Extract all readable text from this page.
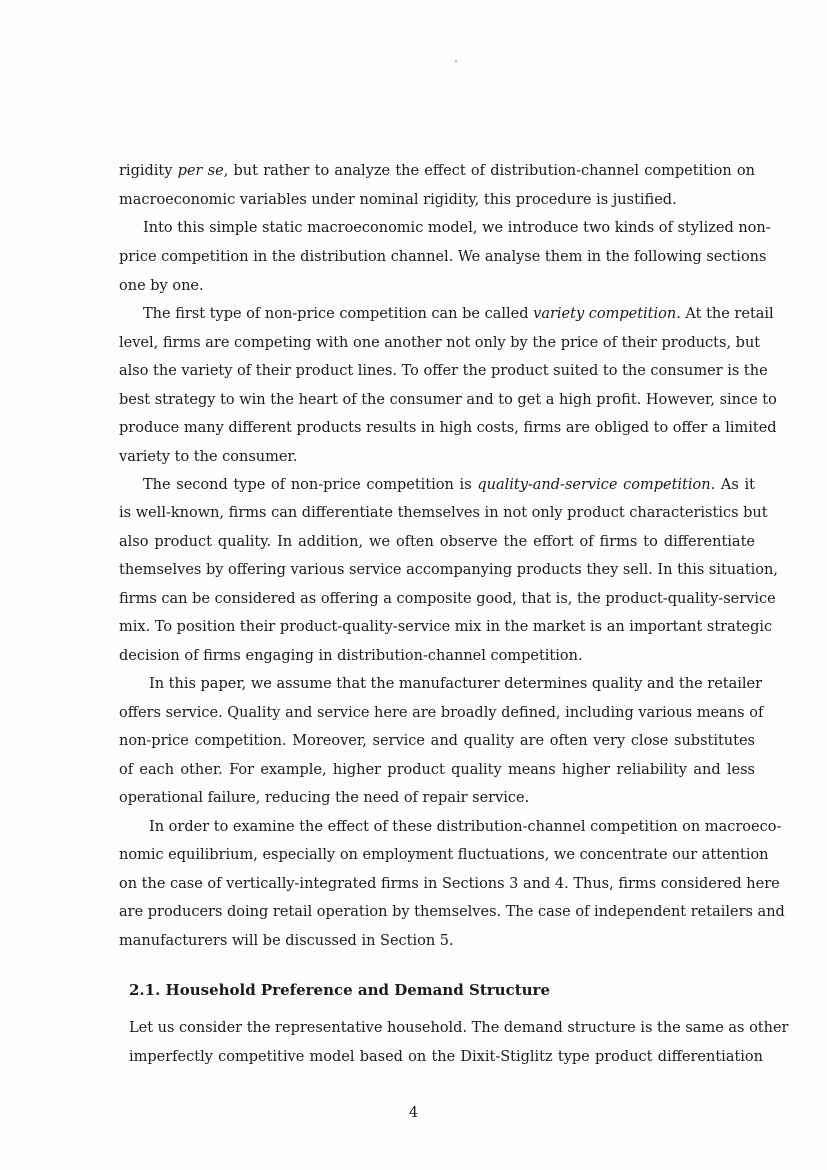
rigidity per se, but rather to analyze the effect of distribution-channel competition on
macroeconomic variables under nominal rigidity, this procedure is justified.
Into this simple static macroeconomic model, we introduce two kinds of stylized non-
price competition in the distribution channel. We analyse them in the following sections
one by one.
The first type of non-price competition can be called variety competition. At the retail
level, firms are competing with one another not only by the price of their products, but
also the variety of their product lines. To offer the product suited to the consumer is the
best strategy to win the heart of the consumer and to get a high profit. However, since to
produce many different products results in high costs, firms are obliged to offer a limited
variety to the consumer.
The second type of non-price competition is quality-and-service competition. As it
is well-known, firms can differentiate themselves in not only product characteristics but
also product quality. In addition, we often observe the effort of firms to differentiate
themselves by offering various service accompanying products they sell. In this situation,
firms can be considered as offering a composite good, that is, the product-quality-service
mix. To position their product-quality-service mix in the market is an important strategic
decision of firms engaging in distribution-channel competition.
In this paper, we assume that the manufacturer determines quality and the retailer
offers service. Quality and service here are broadly defined, including various means of
non-price competition. Moreover, service and quality are often very close substitutes
of each other. For example, higher product quality means higher reliability and less
operational failure, reducing the need of repair service.
In order to examine the effect of these distribution-channel competition on macroeco-
nomic equilibrium, especially on employment fluctuations, we concentrate our attention
on the case of vertically-integrated firms in Sections 3 and 4. Thus, firms considered here
are producers doing retail operation by themselves. The case of independent retailers and
manufacturers will be discussed in Section 5.
2.1. Household Preference and Demand Structure
Let us consider the representative household. The demand structure is the same as other
imperfectly competitive model based on the Dixit-Stiglitz type product differentiation
4
